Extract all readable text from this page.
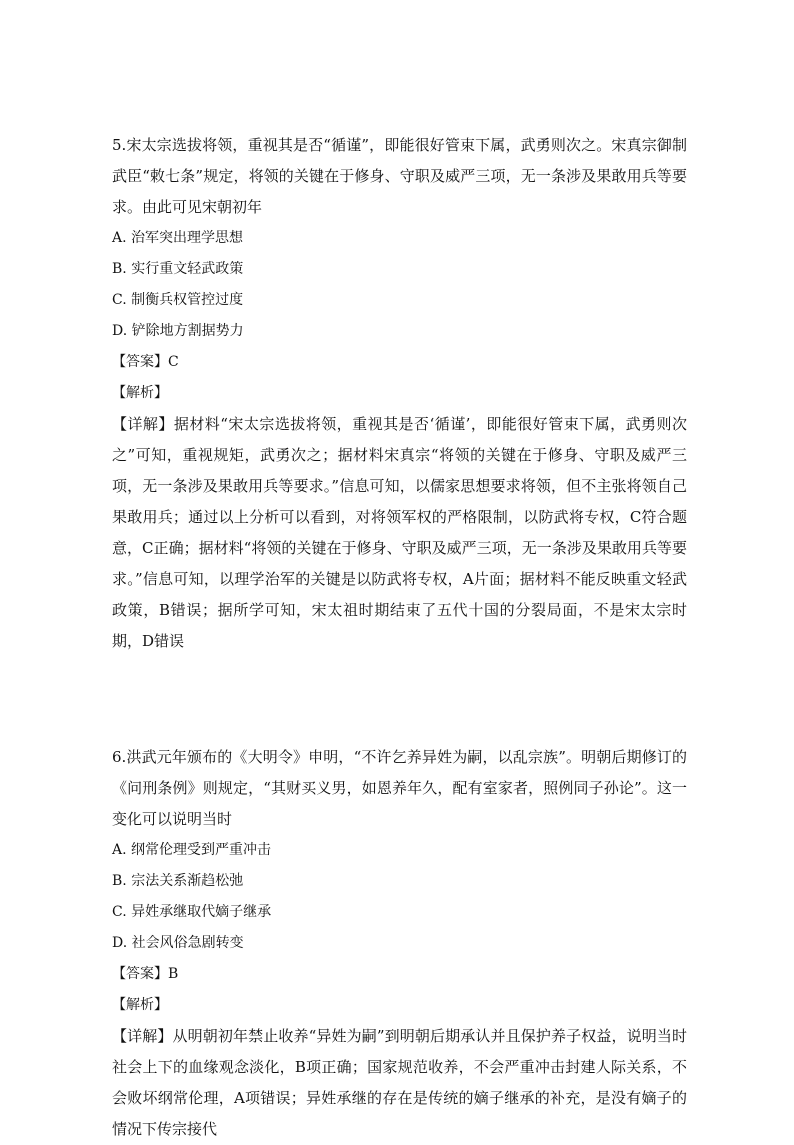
5.宋太宗选拔将领，重视其是否“循谨”，即能很好管束下属，武勇则次之。宋真宗御制武臣“敕七条”规定，将领的关键在于修身、守职及威严三项，无一条涉及果敢用兵等要求。由此可见宋朝初年
A. 治军突出理学思想
B. 实行重文轻武政策
C. 制衡兵权管控过度
D. 铲除地方割据势力
【答案】C
【解析】
【详解】据材料“宋太宗选拔将领，重视其是否‘循谨’，即能很好管束下属，武勇则次之”可知，重视规矩，武勇次之；据材料宋真宗“将领的关键在于修身、守职及威严三项，无一条涉及果敢用兵等要求。”信息可知，以儒家思想要求将领，但不主张将领自己果敢用兵；通过以上分析可以看到，对将领军权的严格限制，以防武将专权，C符合题意，C正确；据材料“将领的关键在于修身、守职及威严三项，无一条涉及果敢用兵等要求。”信息可知，以理学治军的关键是以防武将专权，A片面；据材料不能反映重文轻武政策，B错误；据所学可知，宋太祖时期结束了五代十国的分裂局面，不是宋太宗时期，D错误
6.洪武元年颁布的《大明令》申明，“不许乞养异姓为嗣，以乱宗族”。明朝后期修订的《问刑条例》则规定，“其财买义男，如恩养年久，配有室家者，照例同子孙论”。这一变化可以说明当时
A. 纲常伦理受到严重冲击
B. 宗法关系渐趋松弛
C. 异姓承继取代嫡子继承
D. 社会风俗急剧转变
【答案】B
【解析】
【详解】从明朝初年禁止收养“异姓为嗣”到明朝后期承认并且保护养子权益，说明当时社会上下的血缘观念淡化，B项正确；国家规范收养，不会严重冲击封建人际关系，不会败坏纲常伦理，A项错误；异姓承继的存在是传统的嫡子继承的补充，是没有嫡子的情况下传宗接代
